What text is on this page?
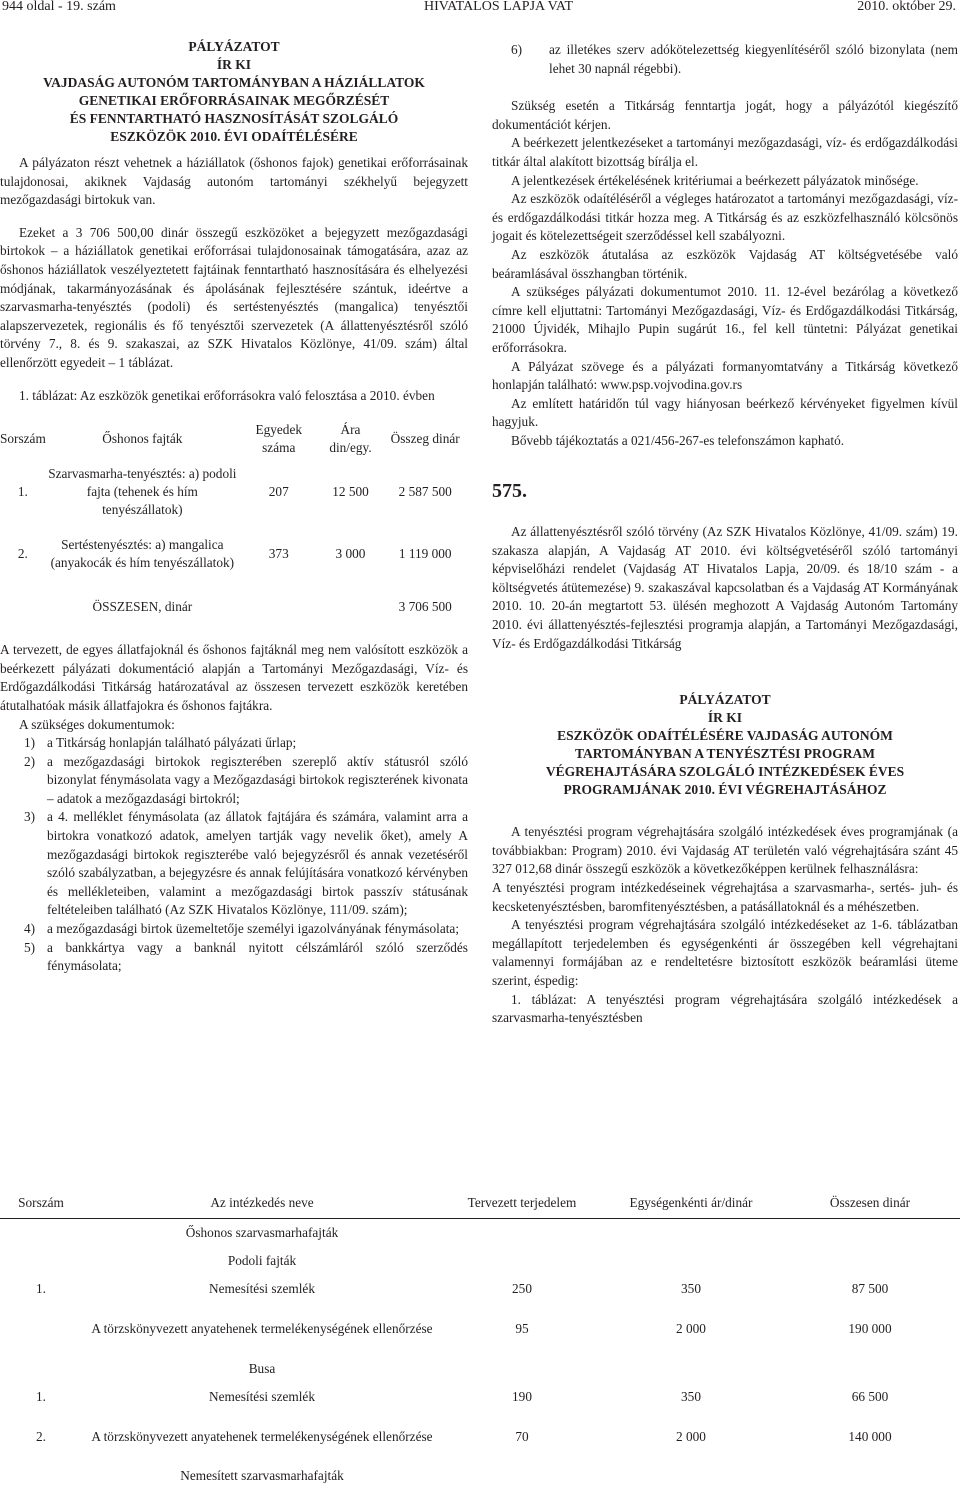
944 oldal - 19. szám	HIVATALOS LAPJA VAT	2010. október 29.

PÁLYÁZATOT

ÍR KI

VAJDASÁG AUTONÓM TARTOMÁNYBAN A HÁZIÁLLATOK

GENETIKAI ERŐFORRÁSAINAK MEGŐRZÉSÉT

ÉS FENNTARTHATÓ HASZNOSÍTÁSÁT SZOLGÁLÓ

ESZKÖZÖK 2010. ÉVI ODAÍTÉLÉSÉRE

A pályázaton részt vehetnek a háziállatok (őshonos fajok) genetikai erőforrásainak tulajdonosai, akiknek Vajdaság autonóm tartományi székhelyű bejegyzett mezőgazdasági birtokuk van.

Ezeket a 3 706 500,00 dinár összegű eszközöket a bejegyzett mezőgazdasági birtokok – a háziállatok genetikai erőforrásai tulajdonosainak támogatására, azaz az őshonos háziállatok veszélyeztetett fajtáinak fenntartható hasznosítására és elhelyezési módjának, takarmányozásának és ápolásának fejlesztésére szántuk, ideértve a szarvasmarha-tenyésztés (podoli) és sertéstenyésztés (mangalica) tenyésztői alapszervezetek, regionális és fő tenyésztői szervezetek (A állattenyésztésről szóló törvény 7., 8. és 9. szakaszai, az SZK Hivatalos Közlönye, 41/09. szám) által ellenőrzött egyedeit – 1 táblázat.

1. táblázat: Az eszközök genetikai erőforrásokra való felosztása a 2010. évben

Sorszám	Őshonos fajták	Egyedek száma	Ára din/egy.	Összeg dinár
1.	Szarvasmarha-tenyésztés: a) podoli fajta (tehenek és hím tenyészállatok)	207	12 500	2 587 500
2.	Sertéstenyésztés: a) mangalica (anyakocák és hím tenyészállatok)	373	3 000	1 119 000
	ÖSSZESEN, dinár			3 706 500

A tervezett, de egyes állatfajoknál és őshonos fajtáknál meg nem valósított eszközök a beérkezett pályázati dokumentáció alapján a Tartományi Mezőgazdasági, Víz- és Erdőgazdálkodási Titkárság határozatával az összesen tervezett eszközök keretében átutalhatóak másik állatfajokra és őshonos fajtákra.

A szükséges dokumentumok:

1) a Titkárság honlapján található pályázati űrlap;

2) a mezőgazdasági birtokok regiszterében szereplő aktív státusról szóló bizonylat fénymásolata vagy a Mezőgazdasági birtokok regiszterének kivonata – adatok a mezőgazdasági birtokról;

3) a 4. melléklet fénymásolata (az állatok fajtájára és számára, valamint arra a birtokra vonatkozó adatok, amelyen tartják vagy nevelik őket), amely A mezőgazdasági birtokok regiszterébe való bejegyzésről és annak vezetéséről szóló szabályzatban, a bejegyzésre és annak felújítására vonatkozó kérvényben és mellékleteiben, valamint a mezőgazdasági birtok passzív státusának feltételeiben található (Az SZK Hivatalos Közlönye, 111/09. szám);

4) a mezőgazdasági birtok üzemeltetője személyi igazolványának fénymásolata;

5) a bankkártya vagy a banknál nyitott célszámláról szóló szerződés fénymásolata;

6) az illetékes szerv adókötelezettség kiegyenlítéséről szóló bizonylata (nem lehet 30 napnál régebbi).

Szükség esetén a Titkárság fenntartja jogát, hogy a pályázótól kiegészítő dokumentációt kérjen.

A beérkezett jelentkezéseket a tartományi mezőgazdasági, víz- és erdőgazdálkodási titkár által alakított bizottság bírálja el.

A jelentkezések értékelésének kritériumai a beérkezett pályázatok minősége.

Az eszközök odaítéléséről a végleges határozatot a tartományi mezőgazdasági, víz- és erdőgazdálkodási titkár hozza meg. A Titkárság és az eszközfelhasználó kölcsönös jogait és kötelezettségeit szerződéssel kell szabályozni.

Az eszközök átutalása az eszközök Vajdaság AT költségvetésébe való beáramlásával összhangban történik.

A szükséges pályázati dokumentumot 2010. 11. 12-ével bezárólag a következő címre kell eljuttatni: Tartományi Mezőgazdasági, Víz- és Erdőgazdálkodási Titkárság, 21000 Újvidék, Mihajlo Pupin sugárút 16., fel kell tüntetni: Pályázat genetikai erőforrásokra.

A Pályázat szövege és a pályázati formanyomtatvány a Titkárság következő honlapján található: www.psp.vojvodina.gov.rs

Az említett határidőn túl vagy hiányosan beérkező kérvényeket figyelmen kívül hagyjuk.

Bővebb tájékoztatás a 021/456-267-es telefonszámon kapható.

575.

Az állattenyésztésről szóló törvény (Az SZK Hivatalos Közlönye, 41/09. szám) 19. szakasza alapján, A Vajdaság AT 2010. évi költségvetéséről szóló tartományi képviselőházi rendelet (Vajdaság AT Hivatalos Lapja, 20/09. és 18/10 szám - a költségvetés átütemezése) 9. szakaszával kapcsolatban és a Vajdaság AT Kormányának 2010. 10. 20-án megtartott 53. ülésén meghozott A Vajdaság Autonóm Tartomány 2010. évi állattenyésztés-fejlesztési programja alapján, a Tartományi Mezőgazdasági, Víz- és Erdőgazdálkodási Titkárság

PÁLYÁZATOT

ÍR KI

ESZKÖZÖK ODAÍTÉLÉSÉRE VAJDASÁG AUTONÓM

TARTOMÁNYBAN A TENYÉSZTÉSI PROGRAM

VÉGREHAJTÁSÁRA SZOLGÁLÓ INTÉZKEDÉSEK ÉVES

PROGRAMJÁNAK 2010. ÉVI VÉGREHAJTÁSÁHOZ

A tenyésztési program végrehajtására szolgáló intézkedések éves programjának (a továbbiakban: Program) 2010. évi Vajdaság AT területén való végrehajtására szánt 45 327 012,68 dinár összegű eszközök a következőképpen kerülnek felhasználásra:

A tenyésztési program intézkedéseinek végrehajtása a szarvasmarha-, sertés- juh- és kecsketenyésztésben, baromfitenyésztésben, a patásállatoknál és a méhészetben.

A tenyésztési program végrehajtására szolgáló intézkedéseket az 1-6. táblázatban megállapított terjedelemben és egységenkénti ár összegében kell végrehajtani valamennyi formájában az e rendeltetésre biztosított eszközök beáramlási üteme szerint, éspedig:

1. táblázat: A tenyésztési program végrehajtására szolgáló intézkedések a szarvasmarha-tenyésztésben

Sorszám	Az intézkedés neve	Tervezett terjedelem	Egységenkénti ár/dinár	Összesen dinár
	Őshonos szarvasmarhafajták			
	Podoli fajták			
1.	Nemesítési szemlék	250	350	87 500
	A törzskönyvezett anyatehenek termelékenységének ellenőrzése	95	2 000	190 000
	Busa			
1.	Nemesítési szemlék	190	350	66 500
2.	A törzskönyvezett anyatehenek termelékenységének ellenőrzése	70	2 000	140 000
	Nemesített szarvasmarhafajták			
